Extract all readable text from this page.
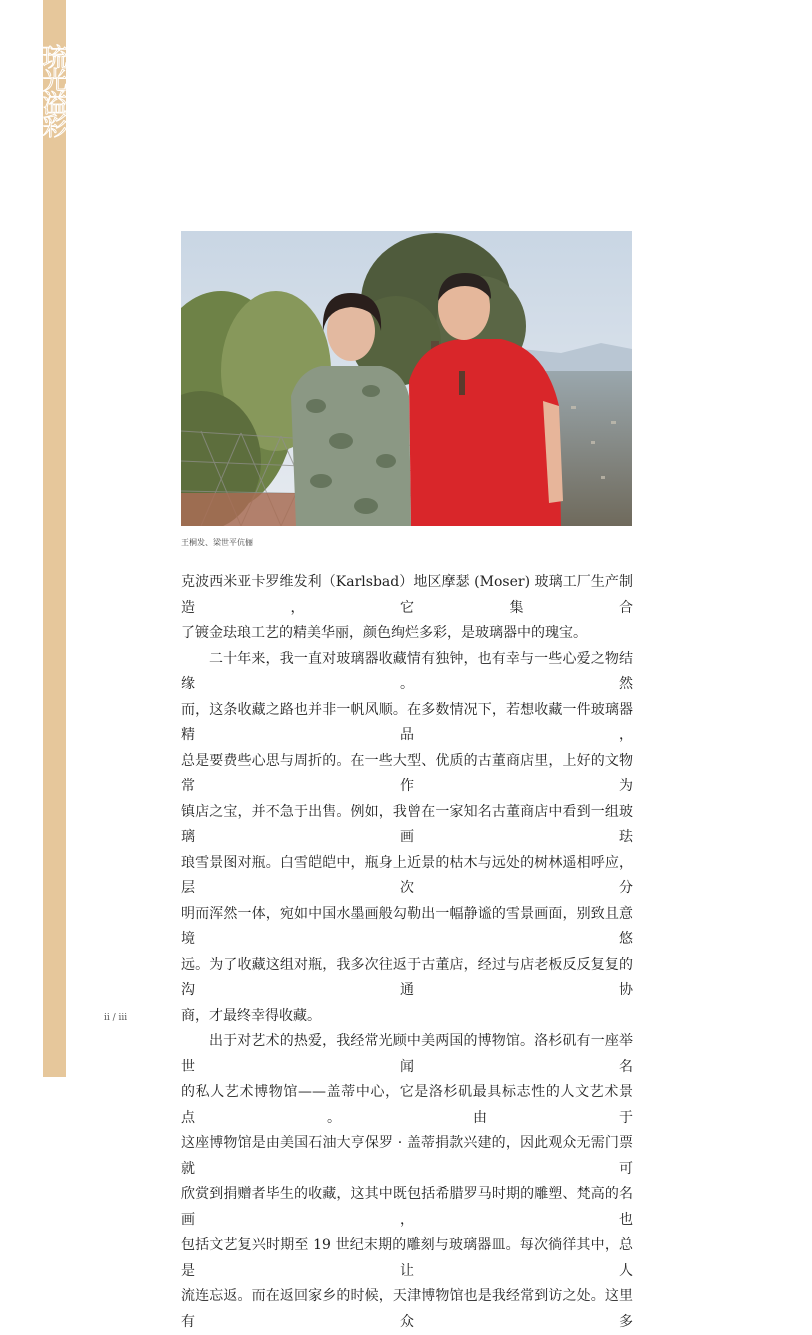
琉光溢彩
王桐发、梁世平伉俪

克波西米亚卡罗维发利（Karlsbad）地区摩瑟 (Moser) 玻璃工厂生产制造，它集合

了镀金珐琅工艺的精美华丽，颜色绚烂多彩，是玻璃器中的瑰宝。

二十年来，我一直对玻璃器收藏情有独钟，也有幸与一些心爱之物结缘。然

而，这条收藏之路也并非一帆风顺。在多数情况下，若想收藏一件玻璃器精品，

总是要费些心思与周折的。在一些大型、优质的古董商店里，上好的文物常作为

镇店之宝，并不急于出售。例如，我曾在一家知名古董商店中看到一组玻璃画珐

琅雪景图对瓶。白雪皑皑中，瓶身上近景的枯木与远处的树林遥相呼应，层次分

明而浑然一体，宛如中国水墨画般勾勒出一幅静谧的雪景画面，别致且意境悠

远。为了收藏这组对瓶，我多次往返于古董店，经过与店老板反反复复的沟通协

商，才最终幸得收藏。

出于对艺术的热爱，我经常光顾中美两国的博物馆。洛杉矶有一座举世闻名

的私人艺术博物馆——盖蒂中心，它是洛杉矶最具标志性的人文艺术景点。由于

这座博物馆是由美国石油大亨保罗 · 盖蒂捐款兴建的，因此观众无需门票就可

欣赏到捐赠者毕生的收藏，这其中既包括希腊罗马时期的雕塑、梵高的名画，也

包括文艺复兴时期至 19 世纪末期的雕刻与玻璃器皿。每次徜徉其中，总是让人

流连忘返。而在返回家乡的时候，天津博物馆也是我经常到访之处。这里有众多

ii / iii
